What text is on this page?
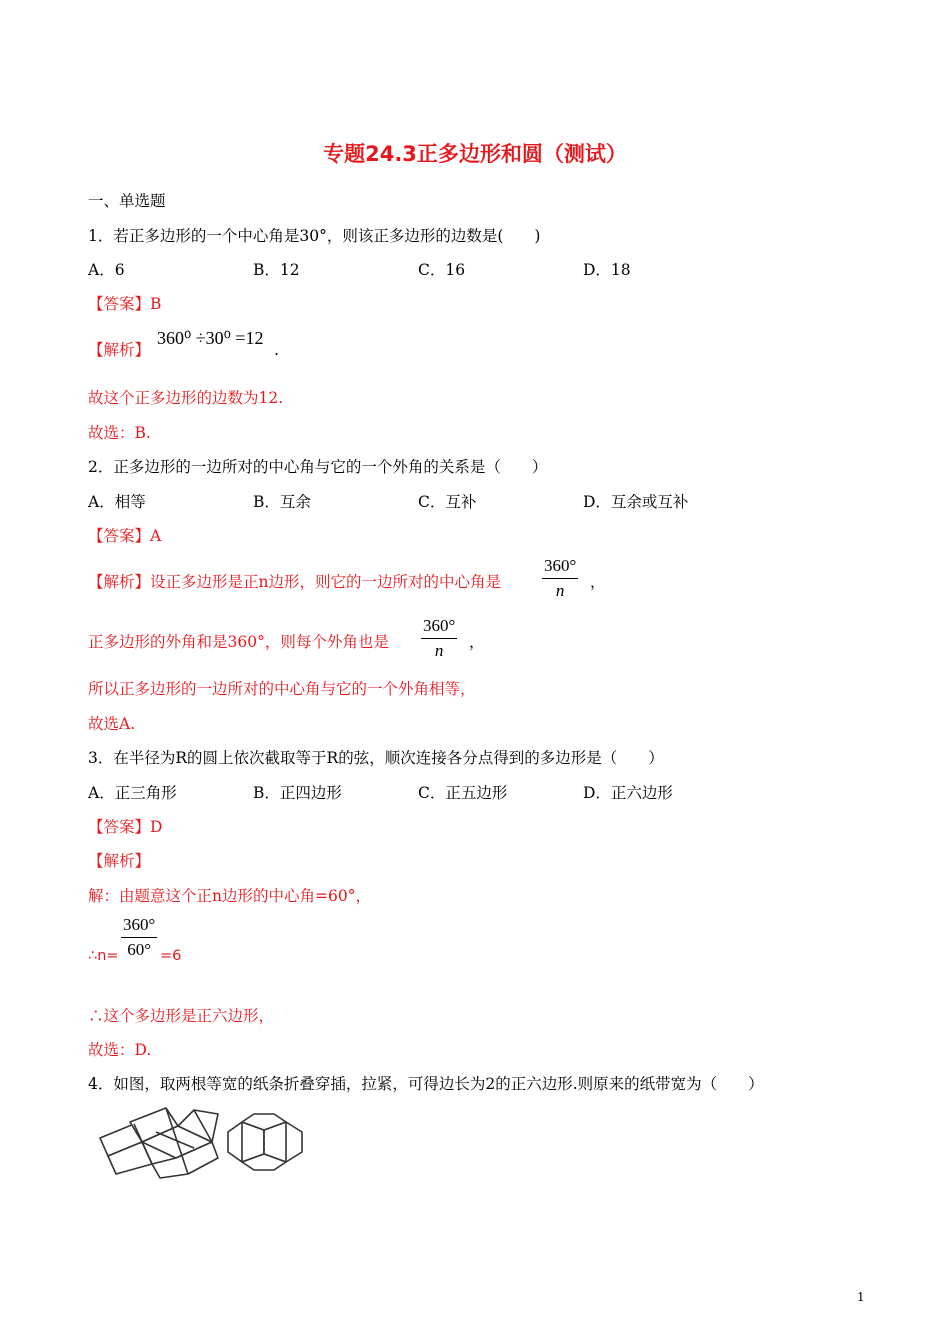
专题24.3正多边形和圆（测试）
一、单选题
1．若正多边形的一个中心角是30°，则该正多边形的边数是(　　)
A．6	B．12	C．16	D．18
【答案】B
【解析】
360⁰ ÷30⁰ =12
.
故这个正多边形的边数为12.
故选：B.
2．正多边形的一边所对的中心角与它的一个外角的关系是（　　）
A．相等	B．互余	C．互补	D．互余或互补
【答案】A
【解析】设正多边形是正n边形，则它的一边所对的中心角是 $\frac{360^\circ}{n}$ ，
正多边形的外角和是360°，则每个外角也是 $\frac{360^\circ}{n}$ ，
所以正多边形的一边所对的中心角与它的一个外角相等，
故选A.
3．在半径为R的圆上依次截取等于R的弦，顺次连接各分点得到的多边形是（　　）
A．正三角形	B．正四边形	C．正五边形	D．正六边形
【答案】D
【解析】
解：由题意这个正n边形的中心角=60°，
∴n= $\frac{360^\circ}{60^\circ} =6$
∴这个多边形是正六边形，
故选：D.
4．如图，取两根等宽的纸条折叠穿插，拉紧，可得边长为2的正六边形.则原来的纸带宽为（　　）
1
